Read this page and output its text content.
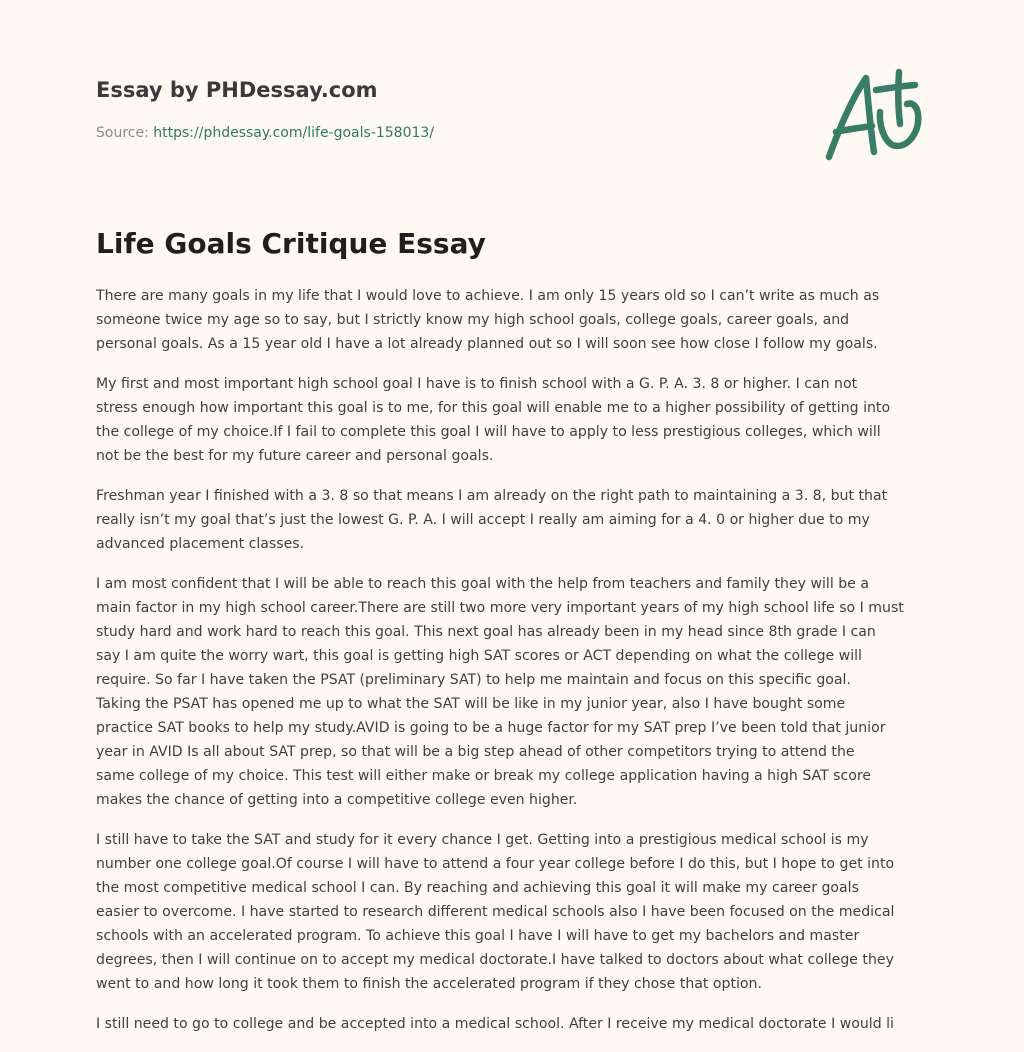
Essay by PHDessay.com
Source: https://phdessay.com/life-goals-158013/
Life Goals Critique Essay

There are many goals in my life that I would love to achieve. I am only 15 years old so I can’t write as much as
someone twice my age so to say, but I strictly know my high school goals, college goals, career goals, and
personal goals. As a 15 year old I have a lot already planned out so I will soon see how close I follow my goals.

My first and most important high school goal I have is to finish school with a G. P. A. 3. 8 or higher. I can not
stress enough how important this goal is to me, for this goal will enable me to a higher possibility of getting into
the college of my choice.If I fail to complete this goal I will have to apply to less prestigious colleges, which will
not be the best for my future career and personal goals.

Freshman year I finished with a 3. 8 so that means I am already on the right path to maintaining a 3. 8, but that
really isn’t my goal that’s just the lowest G. P. A. I will accept I really am aiming for a 4. 0 or higher due to my
advanced placement classes.

I am most confident that I will be able to reach this goal with the help from teachers and family they will be a
main factor in my high school career.There are still two more very important years of my high school life so I must
study hard and work hard to reach this goal. This next goal has already been in my head since 8th grade I can
say I am quite the worry wart, this goal is getting high SAT scores or ACT depending on what the college will
require. So far I have taken the PSAT (preliminary SAT) to help me maintain and focus on this specific goal.
Taking the PSAT has opened me up to what the SAT will be like in my junior year, also I have bought some
practice SAT books to help my study.AVID is going to be a huge factor for my SAT prep I’ve been told that junior
year in AVID Is all about SAT prep, so that will be a big step ahead of other competitors trying to attend the
same college of my choice. This test will either make or break my college application having a high SAT score
makes the chance of getting into a competitive college even higher.

I still have to take the SAT and study for it every chance I get. Getting into a prestigious medical school is my
number one college goal.Of course I will have to attend a four year college before I do this, but I hope to get into
the most competitive medical school I can. By reaching and achieving this goal it will make my career goals
easier to overcome. I have started to research different medical schools also I have been focused on the medical
schools with an accelerated program. To achieve this goal I have I will have to get my bachelors and master
degrees, then I will continue on to accept my medical doctorate.I have talked to doctors about what college they
went to and how long it took them to finish the accelerated program if they chose that option.

I still need to go to college and be accepted into a medical school. After I receive my medical doctorate I would li
